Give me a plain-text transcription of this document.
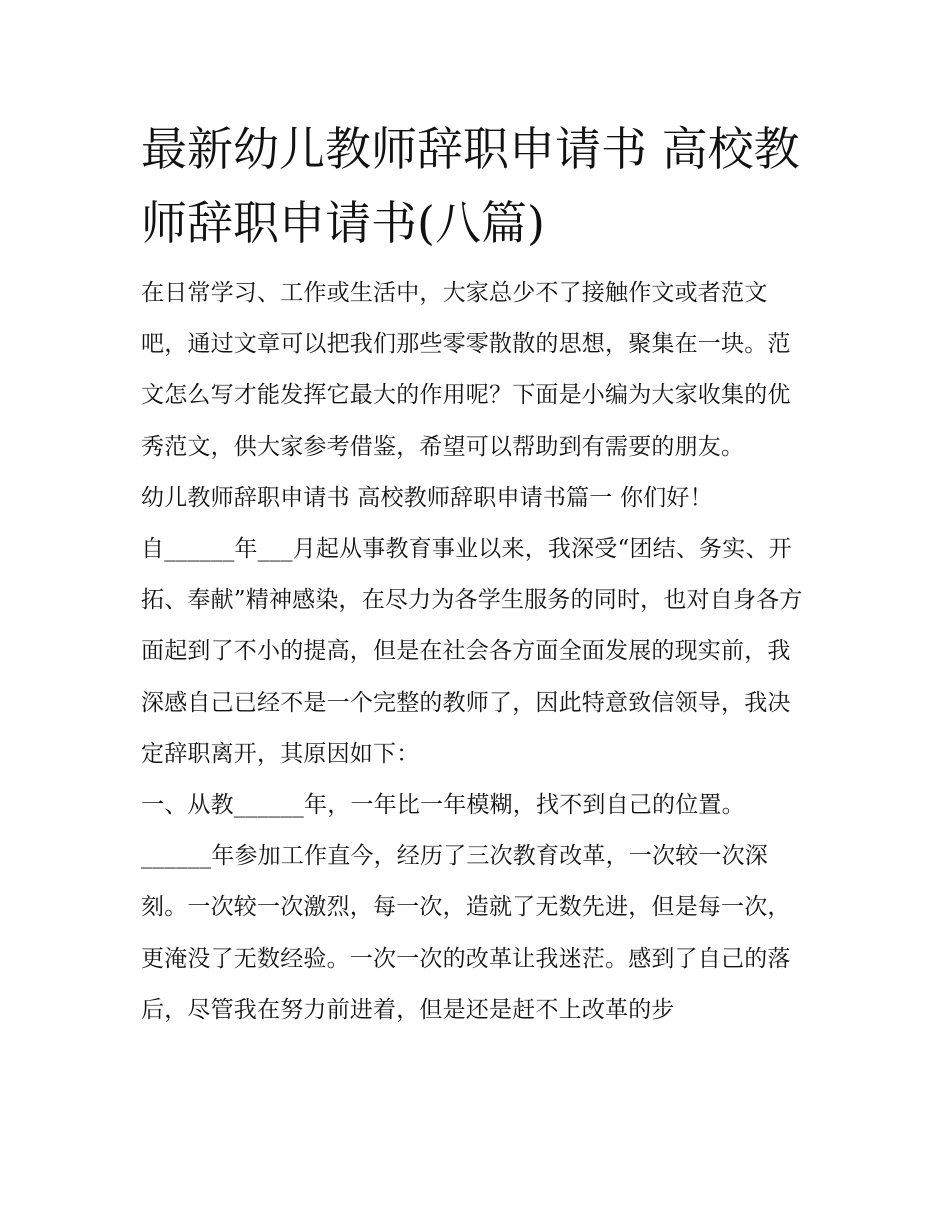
最新幼儿教师辞职申请书 高校教师辞职申请书(八篇)

在日常学习、工作或生活中，大家总少不了接触作文或者范文吧，通过文章可以把我们那些零零散散的思想，聚集在一块。范文怎么写才能发挥它最大的作用呢？下面是小编为大家收集的优秀范文，供大家参考借鉴，希望可以帮助到有需要的朋友。

幼儿教师辞职申请书 高校教师辞职申请书篇一 你们好！

自______年___月起从事教育事业以来，我深受“团结、务实、开拓、奉献”精神感染，在尽力为各学生服务的同时，也对自身各方面起到了不小的提高，但是在社会各方面全面发展的现实前，我深感自己已经不是一个完整的教师了，因此特意致信领导，我决定辞职离开，其原因如下：

一、从教______年，一年比一年模糊，找不到自己的位置。

______年参加工作直今，经历了三次教育改革，一次较一次深刻。一次较一次激烈，每一次，造就了无数先进，但是每一次，更淹没了无数经验。一次一次的改革让我迷茫。感到了自己的落后，尽管我在努力前进着，但是还是赶不上改革的步
